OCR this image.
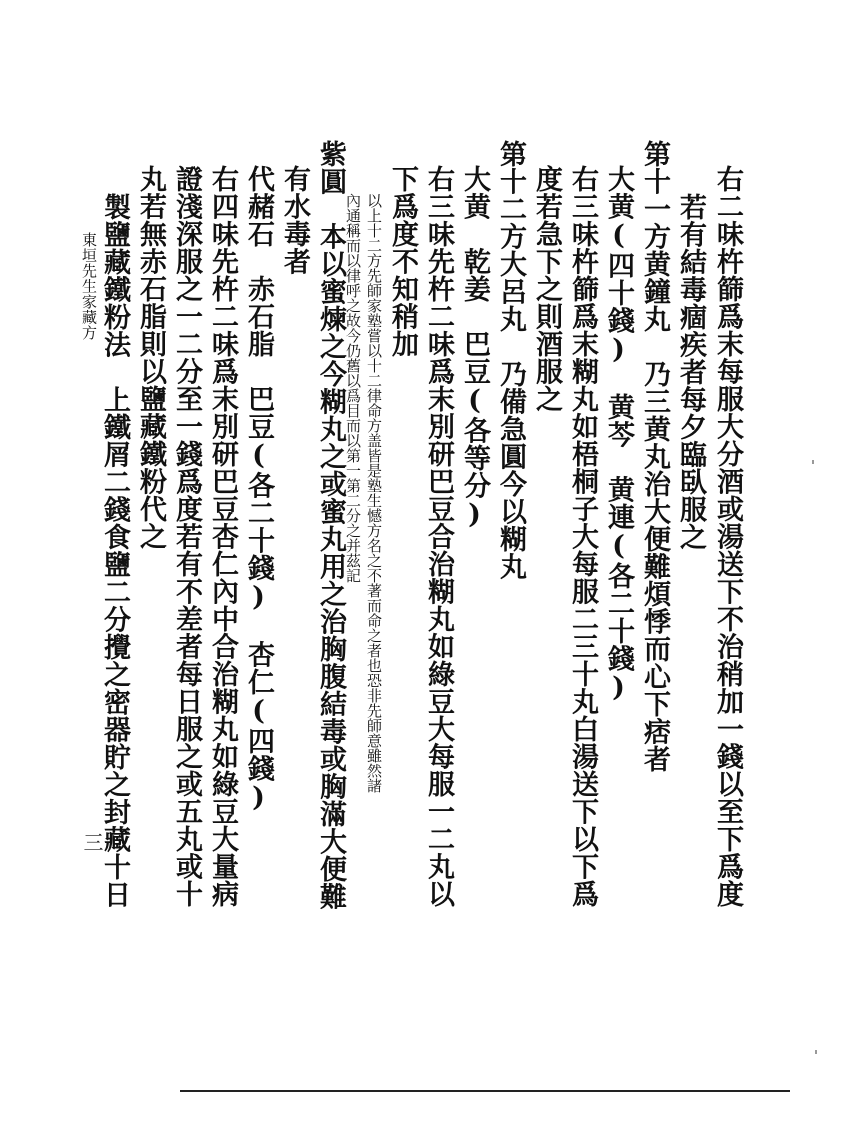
東垣先生家藏方
三	右二味杵篩爲末每服大分酒或湯送下不治稍加一錢以至下爲度
若有結毒痼疾者每夕臨臥服之
第十一方黄鐘丸　乃三黄丸治大便難煩悸而心下痞者
大黄(四十錢)　黄芩　黄連(各二十錢)
右三味杵篩爲末糊丸如梧桐子大每服二三十丸白湯送下以下爲
度若急下之則酒服之
第十二方大呂丸　乃備急圓今以糊丸
大黄　乾姜　巴豆(各等分)
右三味先杵二味爲末別研巴豆合治糊丸如綠豆大每服一二丸以
下爲度不知稍加
以上十二方先師家塾嘗以十二律命方盖皆是塾生憾方名之不著而命之者也恐非先師意雖然諸
內通稱而以律呼之故今仍舊以爲目而以第一第二分之并茲記
紫圓　本以蜜煉之今糊丸之或蜜丸用之治胸腹結毒或胸滿大便難
有水毒者
代赭石　赤石脂　巴豆(各二十錢)　杏仁(四錢)
右四味先杵二味爲末別研巴豆杏仁內中合治糊丸如綠豆大量病
證淺深服之一二分至一錢爲度若有不差者每日服之或五丸或十
丸若無赤石脂則以鹽藏鐵粉代之
製鹽藏鐵粉法　上鐵屑二錢食鹽二分攪之密器貯之封藏十日
